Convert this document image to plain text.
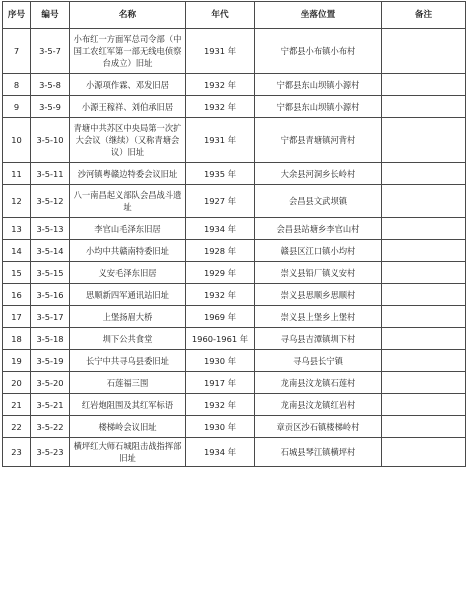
序号	编号	名称	年代	坐落位置	备注
7	3-5-7	小布红一方面军总司令部（中国工农红军第一部无线电侦察台成立）旧址	1931 年	宁都县小布镇小布村	
8	3-5-8	小源项作霖、邓发旧居	1932 年	宁都县东山坝镇小源村	
9	3-5-9	小源王稼祥、刘伯承旧居	1932 年	宁都县东山坝镇小源村	
10	3-5-10	青塘中共苏区中央局第一次扩大会议（继续）（又称青塘会议）旧址	1931 年	宁都县青塘镇河背村	
11	3-5-11	沙河镇粤赣边特委会议旧址	1935 年	大余县河洞乡长岭村	
12	3-5-12	八一南昌起义部队会昌战斗遗址	1927 年	会昌县文武坝镇	
13	3-5-13	李官山毛泽东旧居	1934 年	会昌县站塘乡李官山村	
14	3-5-14	小均中共赣南特委旧址	1928 年	赣县区江口镇小均村	
15	3-5-15	义安毛泽东旧居	1929 年	崇义县铅厂镇义安村	
16	3-5-16	思顺新四军通讯站旧址	1932 年	崇义县思顺乡思顺村	
17	3-5-17	上堡扬眉大桥	1969 年	崇义县上堡乡上堡村	
18	3-5-18	圳下公共食堂	1960-1961 年	寻乌县吉潭镇圳下村	
19	3-5-19	长宁中共寻乌县委旧址	1930 年	寻乌县长宁镇	
20	3-5-20	石莲福三围	1917 年	龙南县汶龙镇石莲村	
21	3-5-21	红岩炮阻围及其红军标语	1932 年	龙南县汶龙镇红岩村	
22	3-5-22	楼梯岭会议旧址	1930 年	章贡区沙石镇楼梯岭村	
23	3-5-23	横坪红大师石城阻击战指挥部旧址	1934 年	石城县琴江镇横坪村	
